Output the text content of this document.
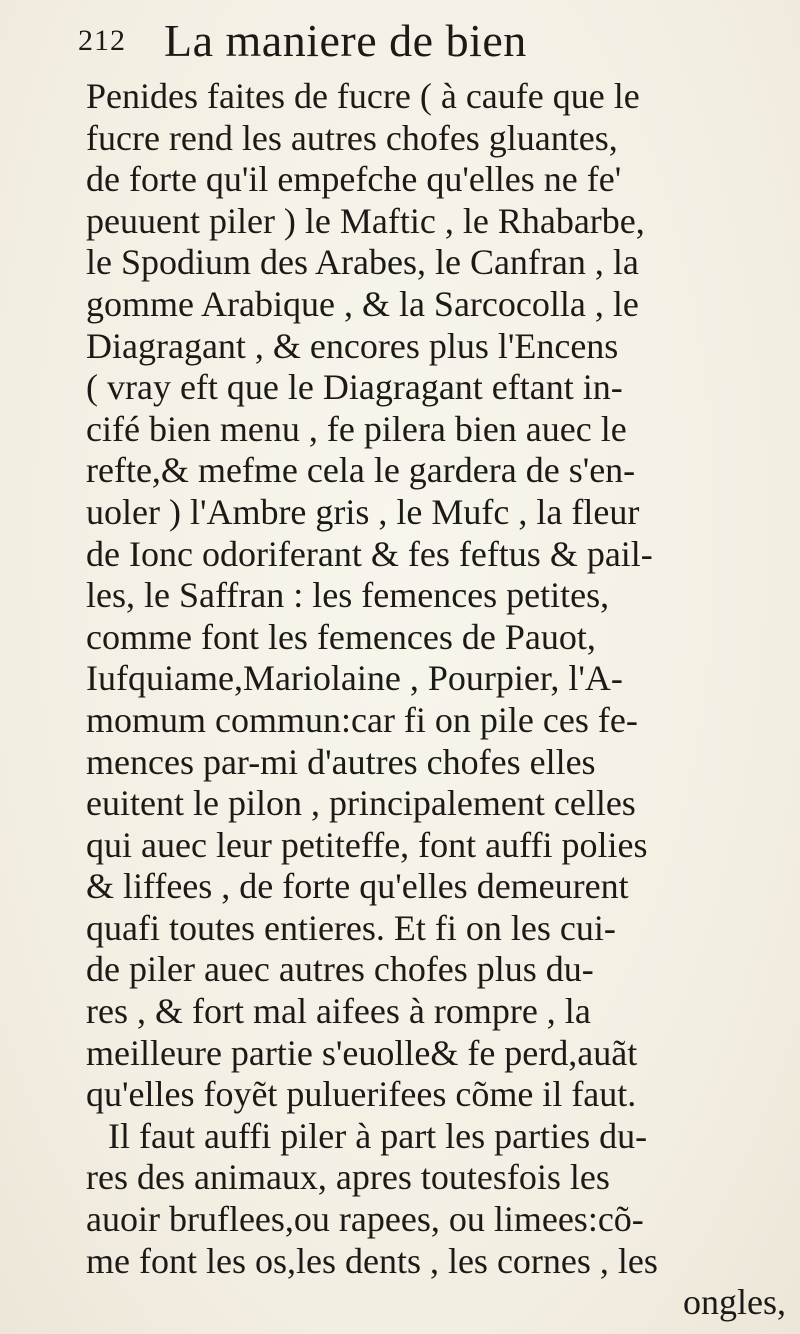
212 La maniere de bien
Penides faites de fucre ( à caufe que le
fucre rend les autres chofes gluantes,
de forte qu'il empefche qu'elles ne fe'
peuuent piler ) le Maftic , le Rhabarbe,
le Spodium des Arabes, le Canfran , la
gomme Arabique , & la Sarcocolla , le
Diagragant , & encores plus l'Encens
( vray eft que le Diagragant eftant in-
cifé bien menu , fe pilera bien auec le
refte,& mefme cela le gardera de s'en-
uoler ) l'Ambre gris , le Mufc , la fleur
de Ionc odoriferant & fes feftus & pail-
les, le Saffran : les femences petites,
comme font les femences de Pauot,
Iufquiame,Mariolaine , Pourpier, l'A-
momum commun:car fi on pile ces fe-
mences par-mi d'autres chofes elles
euitent le pilon , principalement celles
qui auec leur petiteffe, font auffi polies
& liffees , de forte qu'elles demeurent
quafi toutes entieres. Et fi on les cui-
de piler auec autres chofes plus du-
res , & fort mal aifees à rompre , la
meilleure partie s'euolle& fe perd,auãt
qu'elles foyẽt puluerifees cõme il faut.
Il faut auffi piler à part les parties du-
res des animaux, apres toutesfois les
auoir bruflees,ou rapees, ou limees:cõ-
me font les os,les dents , les cornes , les
ongles,
